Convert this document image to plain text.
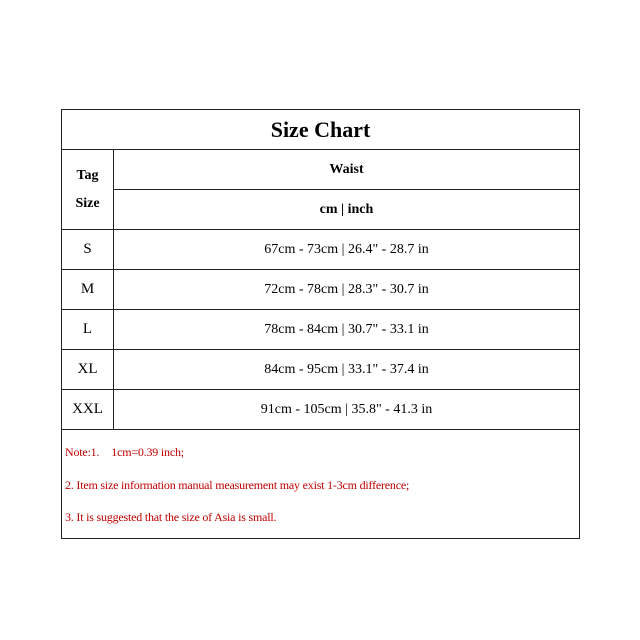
Size Chart
Tag
Size
Waist
cm | inch
S	67cm - 73cm | 26.4" - 28.7 in
M	72cm - 78cm | 28.3" - 30.7 in
L	78cm - 84cm | 30.7" - 33.1 in
XL	84cm - 95cm | 33.1" - 37.4 in
XXL	91cm - 105cm | 35.8" - 41.3 in
Note:1. 1cm=0.39 inch;
2. Item size information manual measurement may exist 1-3cm difference;
3. It is suggested that the size of Asia is small.
